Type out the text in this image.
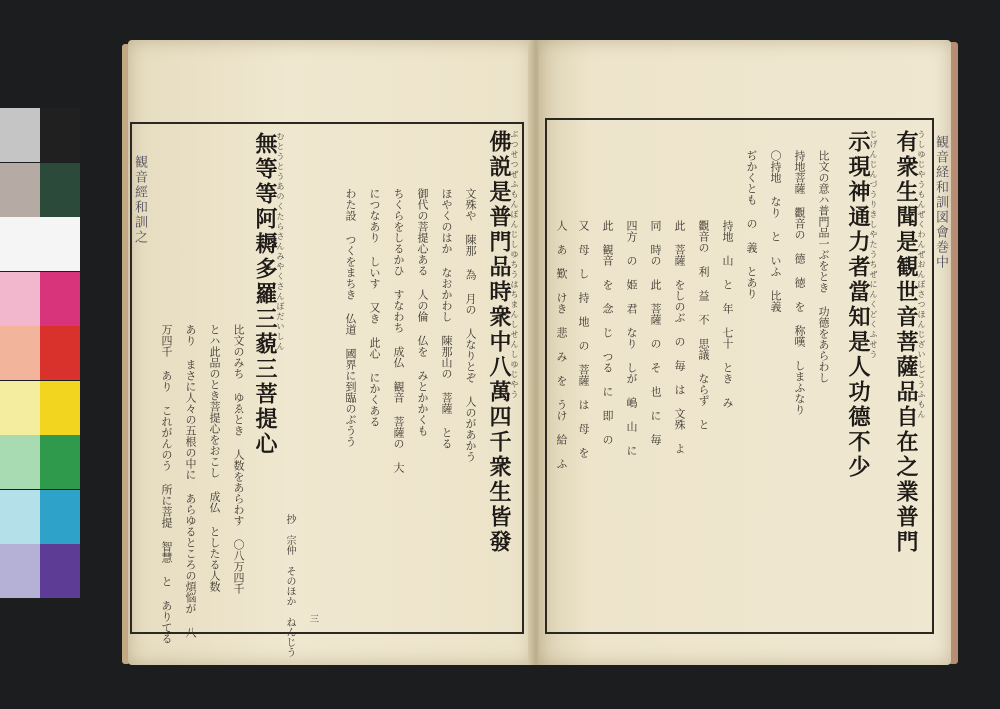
観音經和訓之	佛説是普門品時衆中八萬四千衆生皆發
ぶつせつぜふもんぼんじしゆちうはちまんしせんしゆじやう
無等等阿耨多羅三藐三菩提心
むとうとうあのくたらさんみやくさんぼだいしん
比文のみち ゆゑとき 人数をあらわす 〇八万四千
とハ此品のとき菩提心をおこし 成仏 としたる人数
あり まさに人々の五根の中に あらゆるところの煩悩が 八
万四千 あり これがんのう 所に菩提 智慧 と ありてる	文殊や 陳那 為 月の 人なりとぞ 人のがあかう
ほやくのはか なおかわし 陳那山の 菩薩 とる
御代の菩提心ある 人の倫 仏を みとかかくも
ちくらをしるかひ すなわち 成仏 観音 菩薩の 大
につなあり しいす 又き 此心 にかくある
わた設 つくをまちき 仏道 國界に到臨のぶうう
抄 宗仲 そのほか ねんじう 三
観音経和訓図會巻中
有衆生聞是観世音菩薩品自在之業普門
うしゆじやうもんぜくわんぜおんぼさつほんじざいしごうふもん
示現神通力者當知是人功德不少
じげんじんづうりきしやたうちぜにんくどくふせう
比文の意ハ普門品一ぶをとき 功德をあらわし
持地菩薩 觀音の 德 徳 を 称嘆 しまふなり
〇持地 なり と いふ 比義
ぢかくとも の 義 とあり
持地 山 と 年 七十 とき み
觀音の 利 益 不 思議 ならず と
此 菩薩 をしのぶ の 毎 は 文殊 よ
同 時の 此 菩薩 の そ 也 に 毎
四方 の 姫 君 なり しが 嶋 山 に
此 観音 を 念 じ つる に 即 の
又 母 し 持 地 の 菩薩 は 母 を
人 あ 歎 けき 悲 み を うけ 給 ふ
